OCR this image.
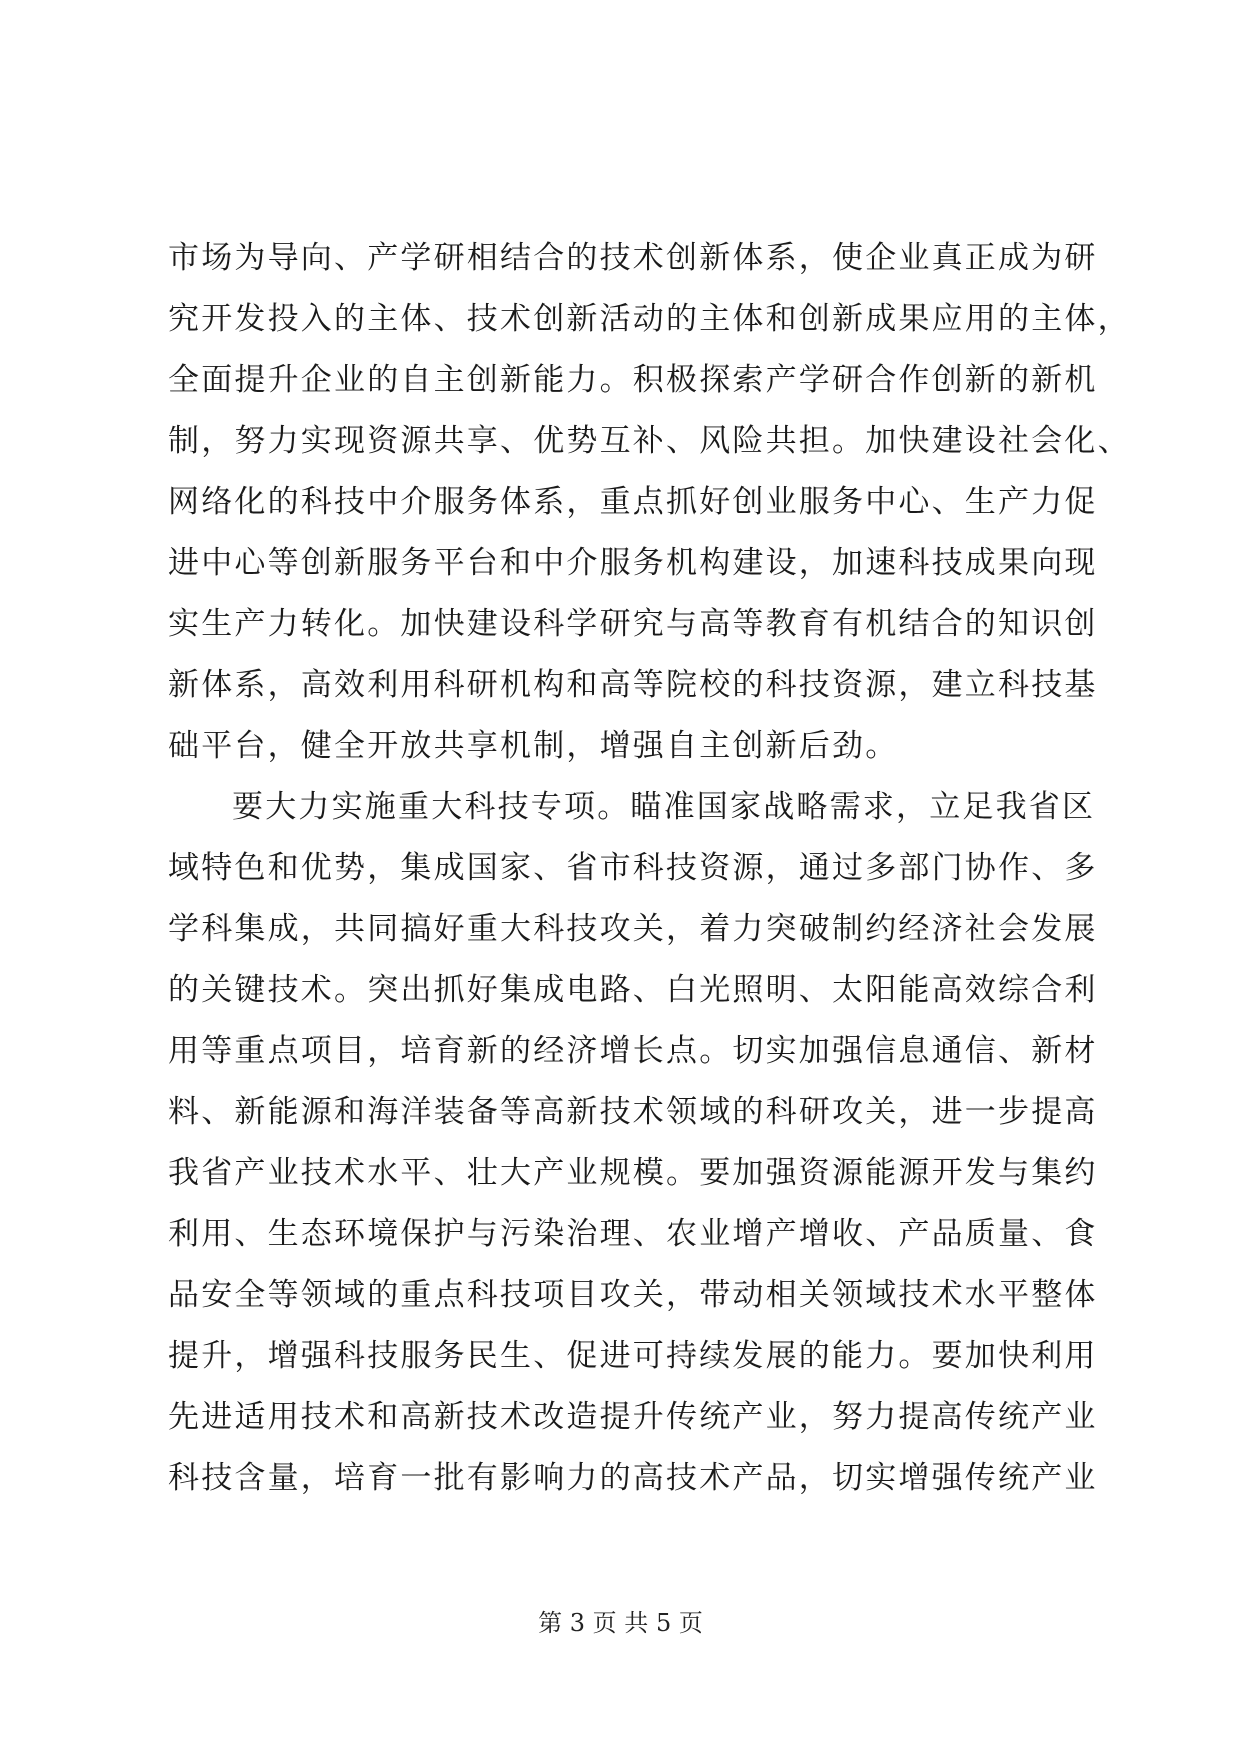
市场为导向、产学研相结合的技术创新体系，使企业真正成为研
究开发投入的主体、技术创新活动的主体和创新成果应用的主体，
全面提升企业的自主创新能力。积极探索产学研合作创新的新机
制，努力实现资源共享、优势互补、风险共担。加快建设社会化、
网络化的科技中介服务体系，重点抓好创业服务中心、生产力促
进中心等创新服务平台和中介服务机构建设，加速科技成果向现
实生产力转化。加快建设科学研究与高等教育有机结合的知识创
新体系，高效利用科研机构和高等院校的科技资源，建立科技基
础平台，健全开放共享机制，增强自主创新后劲。
要大力实施重大科技专项。瞄准国家战略需求，立足我省区
域特色和优势，集成国家、省市科技资源，通过多部门协作、多
学科集成，共同搞好重大科技攻关，着力突破制约经济社会发展
的关键技术。突出抓好集成电路、白光照明、太阳能高效综合利
用等重点项目，培育新的经济增长点。切实加强信息通信、新材
料、新能源和海洋装备等高新技术领域的科研攻关，进一步提高
我省产业技术水平、壮大产业规模。要加强资源能源开发与集约
利用、生态环境保护与污染治理、农业增产增收、产品质量、食
品安全等领域的重点科技项目攻关，带动相关领域技术水平整体
提升，增强科技服务民生、促进可持续发展的能力。要加快利用
先进适用技术和高新技术改造提升传统产业，努力提高传统产业
科技含量，培育一批有影响力的高技术产品，切实增强传统产业
第 3 页 共 5 页
